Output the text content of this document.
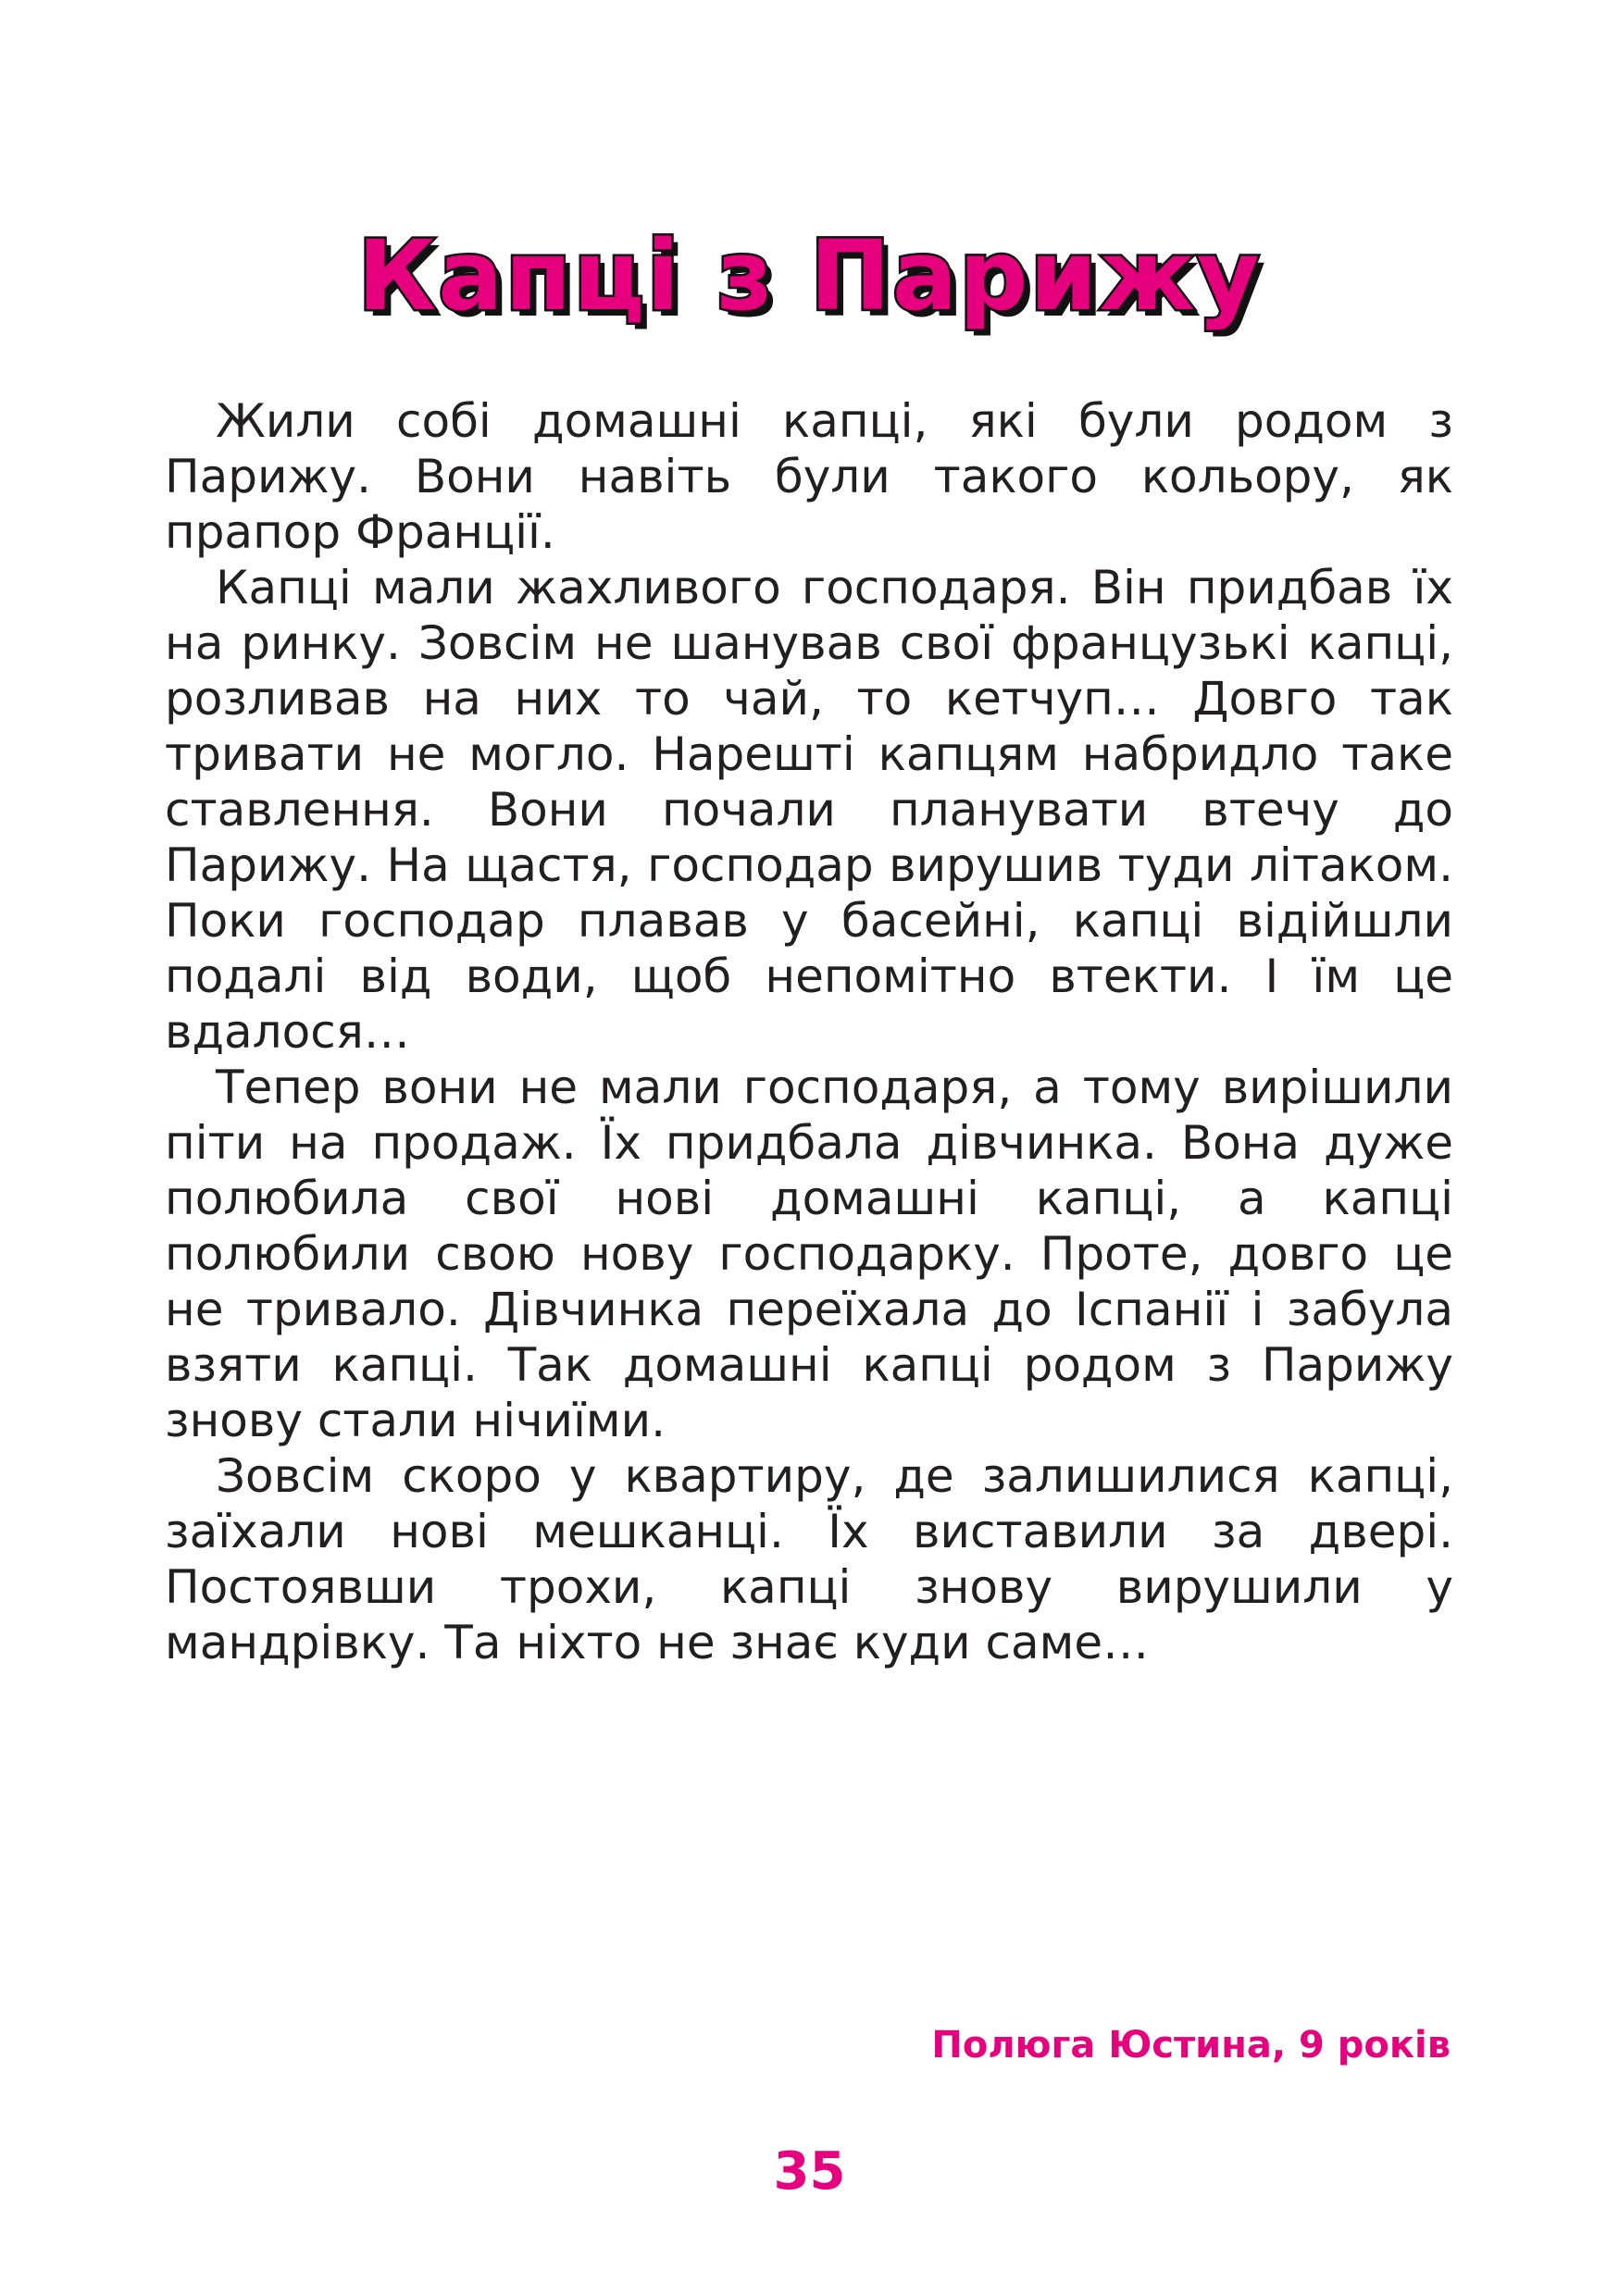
Капці з Парижу

Жили собі домашні капці, які були родом з Парижу. Вони навіть були такого кольору, як прапор Франції.

Капці мали жахливого господаря. Він придбав їх на ринку. Зовсім не шанував свої французькі капці, розливав на них то чай, то кетчуп… Довго так тривати не могло. Нарешті капцям набридло таке ставлення. Вони почали планувати втечу до Парижу. На щастя, господар вирушив туди літаком. Поки господар плавав у басейні, капці відійшли подалі від води, щоб непомітно втекти. І їм це вдалося…

Тепер вони не мали господаря, а тому вирішили піти на продаж. Їх придбала дівчинка. Вона дуже полюбила свої нові домашні капці, а капці полюбили свою нову господарку. Проте, довго це не тривало. Дівчинка переїхала до Іспанії і забула взяти капці. Так домашні капці родом з Парижу знову стали нічиїми.

Зовсім скоро у квартиру, де залишилися капці, заїхали нові мешканці. Їх виставили за двері. Постоявши трохи, капці знову вирушили у мандрівку. Та ніхто не знає куди саме…

Полюга Юстина, 9 років
35
